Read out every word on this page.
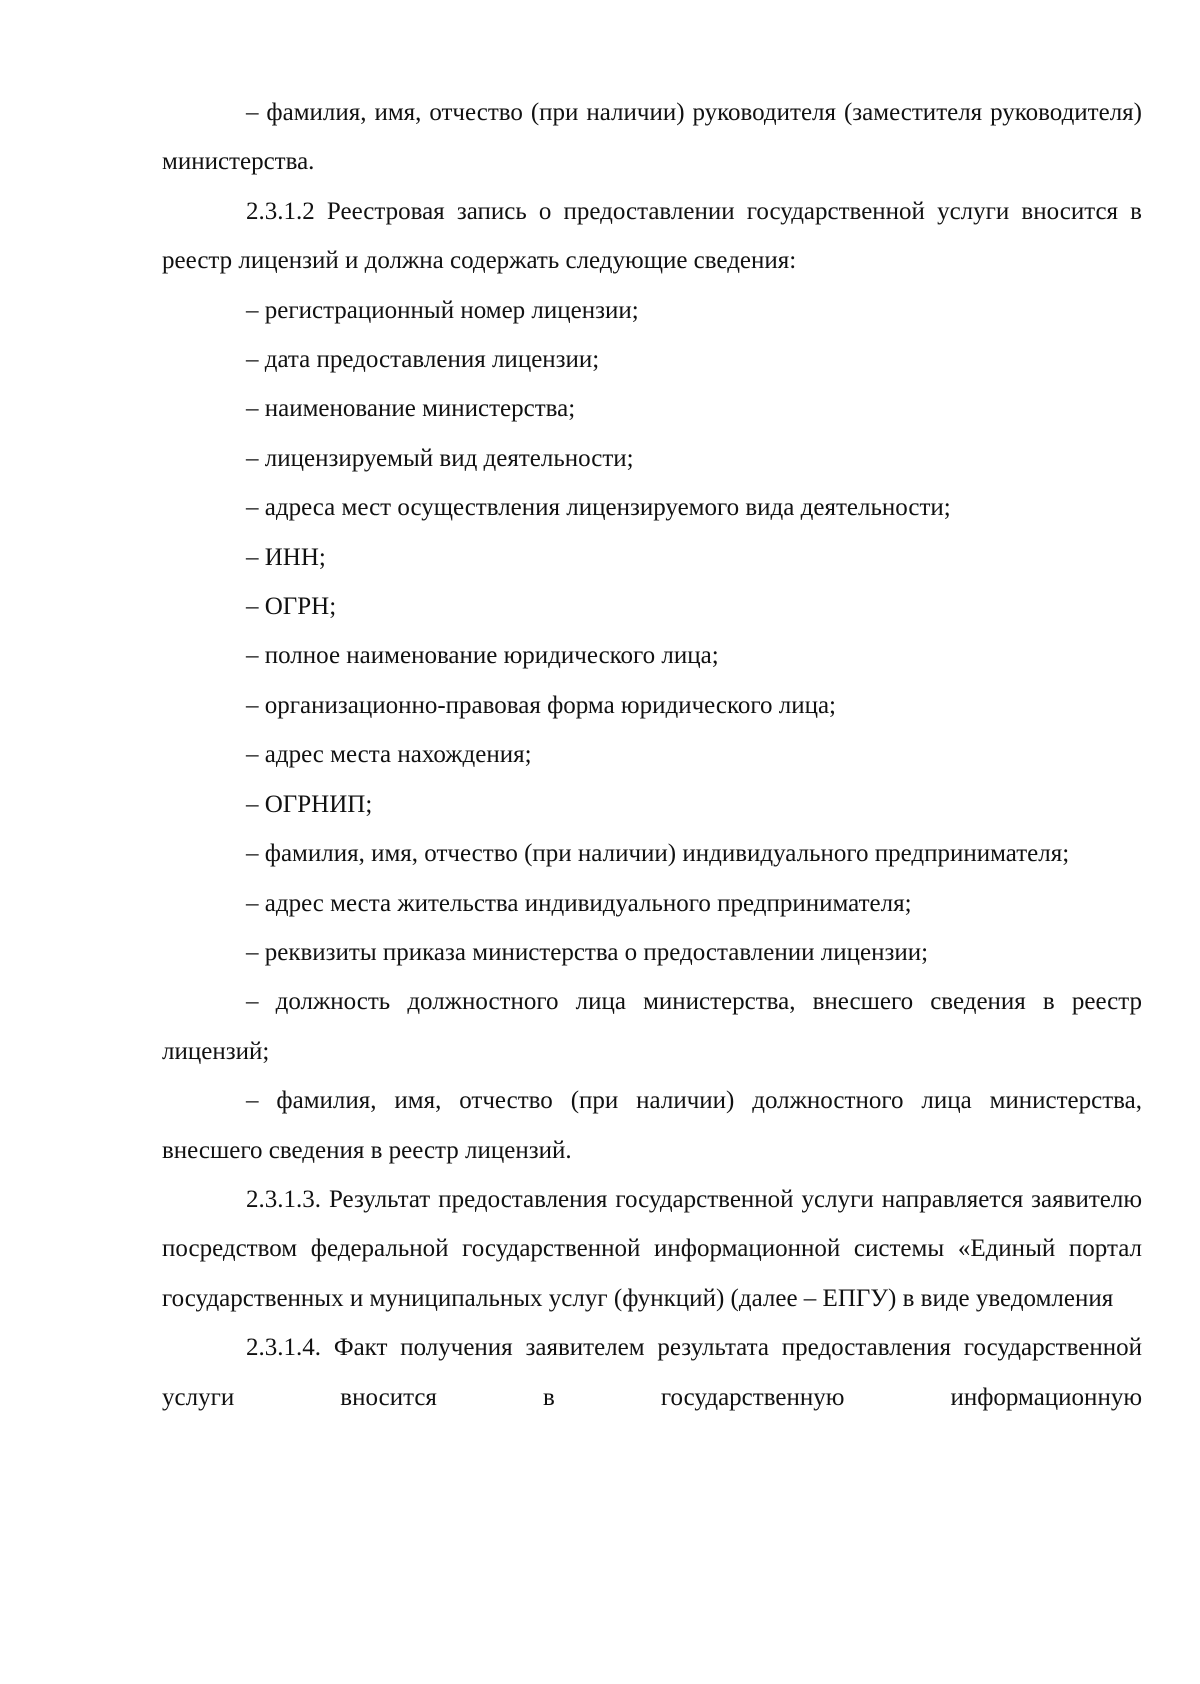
– фамилия, имя, отчество (при наличии) руководителя (заместителя руководителя) министерства.

2.3.1.2 Реестровая запись о предоставлении государственной услуги вносится в реестр лицензий и должна содержать следующие сведения:

– регистрационный номер лицензии;

– дата предоставления лицензии;

– наименование министерства;

– лицензируемый вид деятельности;

– адреса мест осуществления лицензируемого вида деятельности;

– ИНН;

– ОГРН;

– полное наименование юридического лица;

– организационно-правовая форма юридического лица;

– адрес места нахождения;

– ОГРНИП;

– фамилия, имя, отчество (при наличии) индивидуального предпринимателя;

– адрес места жительства индивидуального предпринимателя;

– реквизиты приказа министерства о предоставлении лицензии;

– должность должностного лица министерства, внесшего сведения в реестр лицензий;

– фамилия, имя, отчество (при наличии) должностного лица министерства, внесшего сведения в реестр лицензий.

2.3.1.3. Результат предоставления государственной услуги направляется заявителю посредством федеральной государственной информационной системы «Единый портал государственных и муниципальных услуг (функций) (далее – ЕПГУ) в виде уведомления

2.3.1.4. Факт получения заявителем результата предоставления государственной услуги вносится в государственную информационную
